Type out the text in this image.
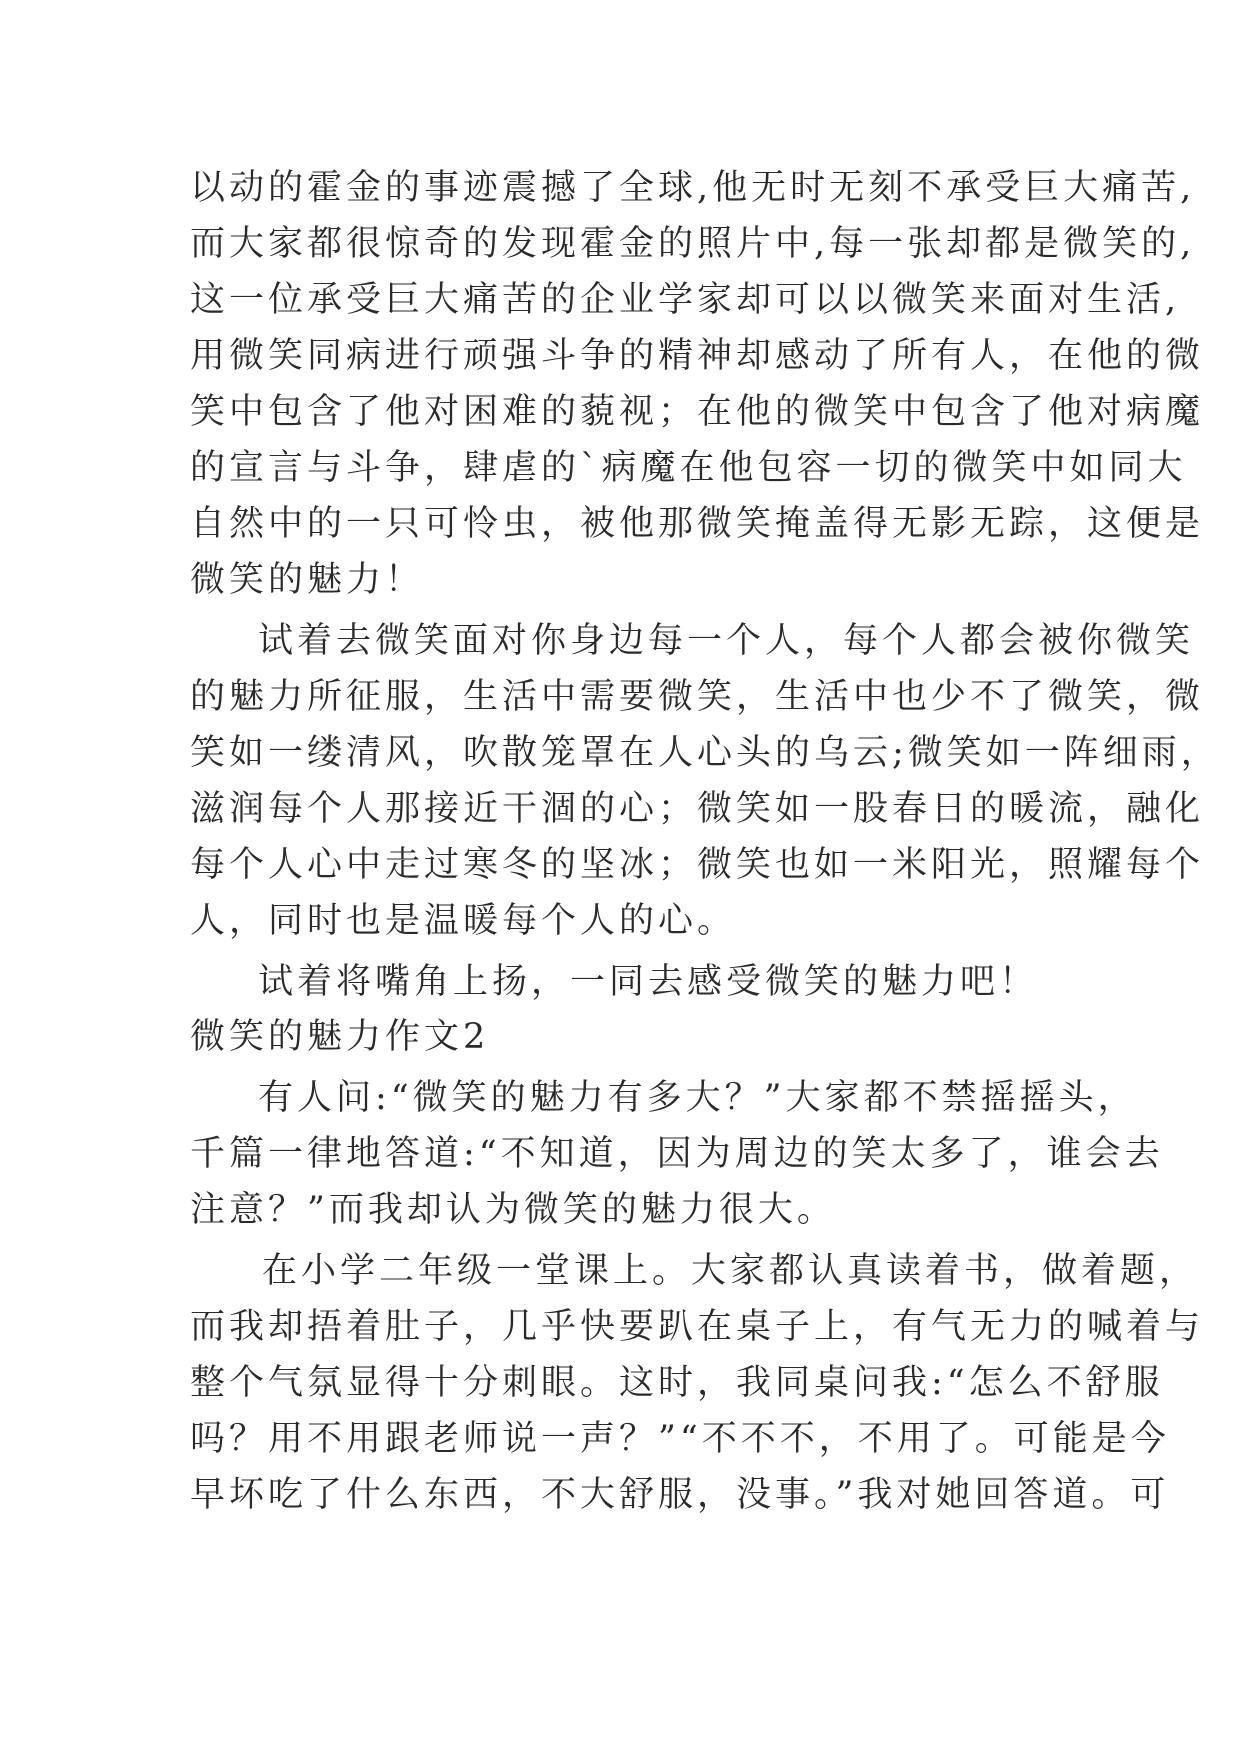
以动的霍金的事迹震撼了全球,他无时无刻不承受巨大痛苦,

而大家都很惊奇的发现霍金的照片中,每一张却都是微笑的,

这一位承受巨大痛苦的企业学家却可以以微笑来面对生活,

用微笑同病进行顽强斗争的精神却感动了所有人，在他的微

笑中包含了他对困难的藐视；在他的微笑中包含了他对病魔

的宣言与斗争，肆虐的`病魔在他包容一切的微笑中如同大

自然中的一只可怜虫，被他那微笑掩盖得无影无踪，这便是

微笑的魅力！

试着去微笑面对你身边每一个人，每个人都会被你微笑

的魅力所征服，生活中需要微笑，生活中也少不了微笑，微

笑如一缕清风，吹散笼罩在人心头的乌云;微笑如一阵细雨，

滋润每个人那接近干涸的心；微笑如一股春日的暖流，融化

每个人心中走过寒冬的坚冰；微笑也如一米阳光，照耀每个

人，同时也是温暖每个人的心。

试着将嘴角上扬，一同去感受微笑的魅力吧！

微笑的魅力作文2

有人问:“微笑的魅力有多大？”大家都不禁摇摇头，

千篇一律地答道:“不知道，因为周边的笑太多了，谁会去

注意？”而我却认为微笑的魅力很大。

在小学二年级一堂课上。大家都认真读着书，做着题，

而我却捂着肚子，几乎快要趴在桌子上，有气无力的喊着与

整个气氛显得十分刺眼。这时，我同桌问我:“怎么不舒服

吗？用不用跟老师说一声？”“不不不，不用了。可能是今

早坏吃了什么东西，不大舒服，没事。”我对她回答道。可
